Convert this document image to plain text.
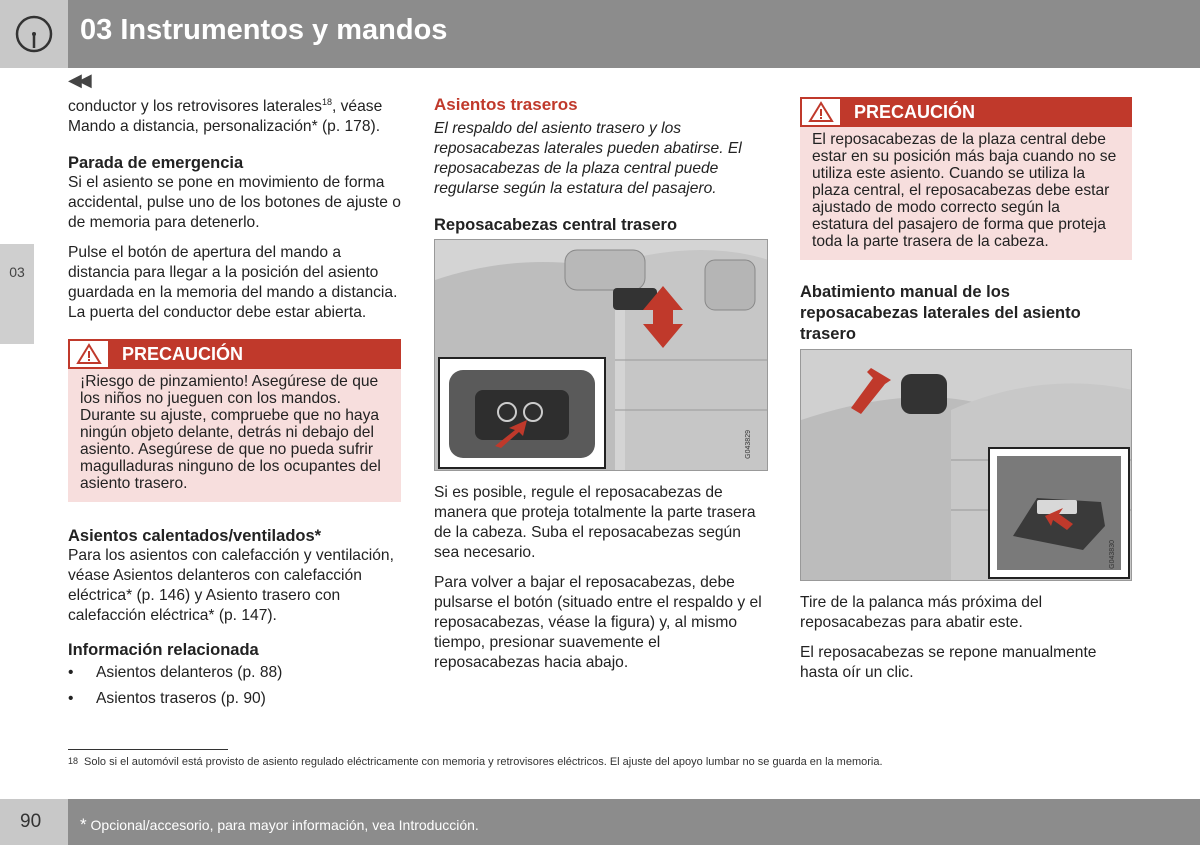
03 Instrumentos y mandos
◀◀
03

conductor y los retrovisores laterales$^{18}$, véase Mando a distancia, personalización* (p. 178).

Parada de emergencia

Si el asiento se pone en movimiento de forma accidental, pulse uno de los botones de ajuste o de memoria para detenerlo.

Pulse el botón de apertura del mando a distancia para llegar a la posición del asiento guardada en la memoria del mando a distancia. La puerta del conductor debe estar abierta.

PRECAUCIÓN
¡Riesgo de pinzamiento! Asegúrese de que los niños no jueguen con los mandos. Durante su ajuste, compruebe que no haya ningún objeto delante, detrás ni debajo del asiento. Asegúrese de que no pueda sufrir magulladuras ninguno de los ocupantes del asiento trasero.
Asientos calentados/ventilados*

Para los asientos con calefacción y ventilación, véase Asientos delanteros con calefacción eléctrica* (p. 146) y Asiento trasero con calefacción eléctrica* (p. 147).

Información relacionada
•	Asientos delanteros (p. 88)
•	Asientos traseros (p. 90)
Asientos traseros

El respaldo del asiento trasero y los reposacabezas laterales pueden abatirse. El reposacabezas de la plaza central puede regularse según la estatura del pasajero.

Reposacabezas central trasero
G043829

Si es posible, regule el reposacabezas de manera que proteja totalmente la parte trasera de la cabeza. Suba el reposacabezas según sea necesario.

Para volver a bajar el reposacabezas, debe pulsarse el botón (situado entre el respaldo y el reposacabezas, véase la figura) y, al mismo tiempo, presionar suavemente el reposacabezas hacia abajo.

PRECAUCIÓN
El reposacabezas de la plaza central debe estar en su posición más baja cuando no se utiliza este asiento. Cuando se utiliza la plaza central, el reposacabezas debe estar ajustado de modo correcto según la estatura del pasajero de forma que proteja toda la parte trasera de la cabeza.
Abatimiento manual de los reposacabezas laterales del asiento trasero
G043830

Tire de la palanca más próxima del reposacabezas para abatir este.

El reposacabezas se repone manualmente hasta oír un clic.

$^{18}$ Solo si el automóvil está provisto de asiento regulado eléctricamente con memoria y retrovisores eléctricos. El ajuste del apoyo lumbar no se guarda en la memoria.
90 * Opcional/accesorio, para mayor información, vea Introducción.
